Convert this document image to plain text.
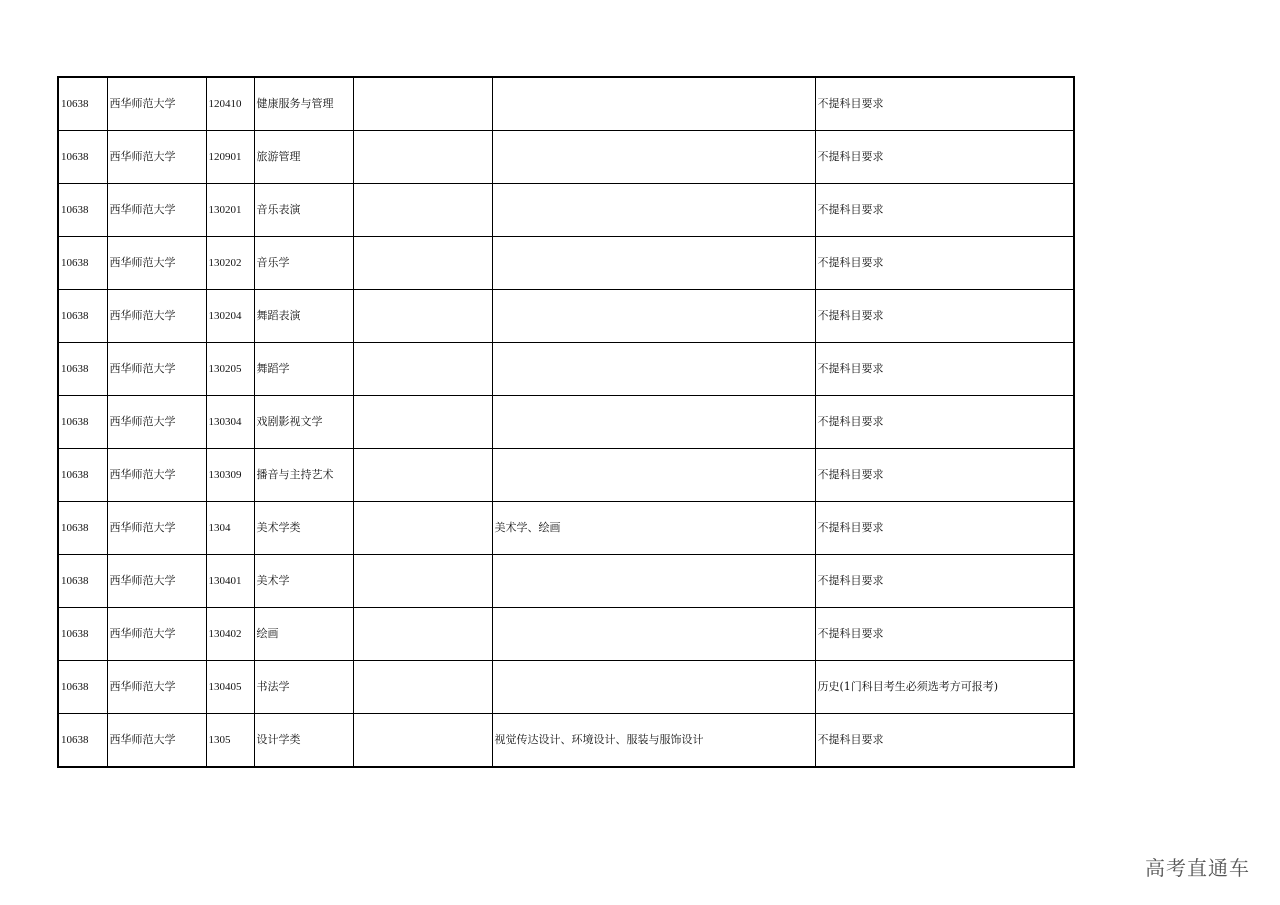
10638	西华师范大学	120410	健康服务与管理			不提科目要求
10638	西华师范大学	120901	旅游管理			不提科目要求
10638	西华师范大学	130201	音乐表演			不提科目要求
10638	西华师范大学	130202	音乐学			不提科目要求
10638	西华师范大学	130204	舞蹈表演			不提科目要求
10638	西华师范大学	130205	舞蹈学			不提科目要求
10638	西华师范大学	130304	戏剧影视文学			不提科目要求
10638	西华师范大学	130309	播音与主持艺术			不提科目要求
10638	西华师范大学	1304	美术学类		美术学、绘画	不提科目要求
10638	西华师范大学	130401	美术学			不提科目要求
10638	西华师范大学	130402	绘画			不提科目要求
10638	西华师范大学	130405	书法学			历史(1门科目考生必须选考方可报考)
10638	西华师范大学	1305	设计学类		视觉传达设计、环境设计、服装与服饰设计	不提科目要求
高考直通车
